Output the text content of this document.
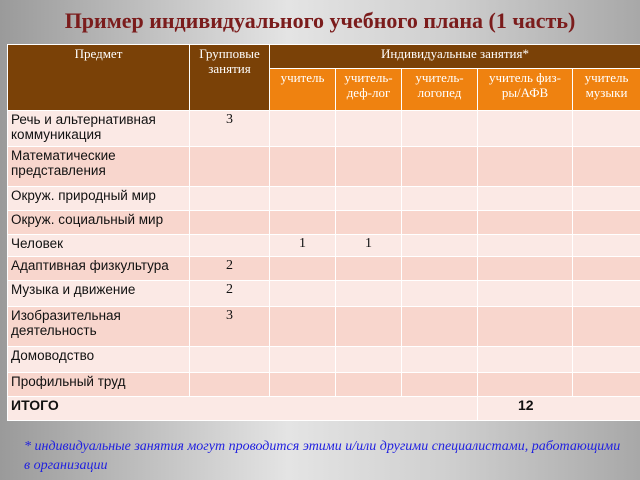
Пример индивидуального учебного плана (1 часть)
Предмет	Групповые занятия	Индивидуальные занятия*				
		учитель	учитель-деф-лог	учитель-логопед	учитель физ-ры/АФВ	учитель музыки
Речь и альтернативная коммуникация	3					
Математические представления						
Окруж. природный мир						
Окруж. социальный мир						
Человек		1	1			
Адаптивная физкультура	2					
Музыка и движение	2					
Изобразительная деятельность	3					
Домоводство						
Профильный труд						
ИТОГО					12	
* индивидуальные занятия могут проводится этими и/или другими специалистами, работающими в организации
